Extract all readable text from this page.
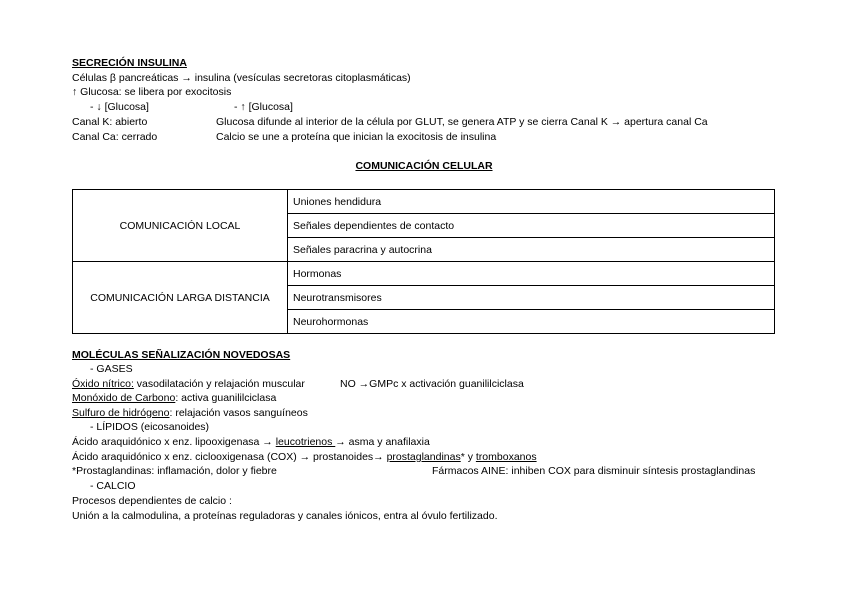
SECRECIÓN INSULINA
Células β pancreáticas → insulina (vesículas secretoras citoplasmáticas)
↑ Glucosa: se libera por exocitosis
- ↓ [Glucosa]	- ↑ [Glucosa]
Canal K: abierto	Glucosa difunde al interior de la célula por GLUT, se genera ATP y se cierra Canal K → apertura canal Ca
Canal Ca: cerrado	Calcio se une a proteína que inician la exocitosis de insulina
COMUNICACIÓN CELULAR
COMUNICACIÓN LOCAL	Uniones hendidura
	Señales dependientes de contacto
	Señales paracrina y autocrina
COMUNICACIÓN LARGA DISTANCIA	Hormonas
	Neurotransmisores
	Neurohormonas
MOLÉCULAS SEÑALIZACIÓN NOVEDOSAS
- GASES
Óxido nítrico: vasodilatación y relajación muscular	NO →GMPc x activación guanililciclasa
Monóxido de Carbono: activa guanililciclasa
Sulfuro de hidrógeno: relajación vasos sanguíneos
- LÍPIDOS (eicosanoides)
Ácido araquidónico x enz. lipooxigenasa → leucotrienos → asma y anafilaxia
Ácido araquidónico x enz. ciclooxigenasa (COX) → prostanoides→ prostaglandinas* y tromboxanos
*Prostaglandinas: inflamación, dolor y fiebre	Fármacos AINE: inhiben COX para disminuir síntesis prostaglandinas
- CALCIO
Procesos dependientes de calcio :
Unión a la calmodulina, a proteínas reguladoras y canales iónicos, entra al óvulo fertilizado.
